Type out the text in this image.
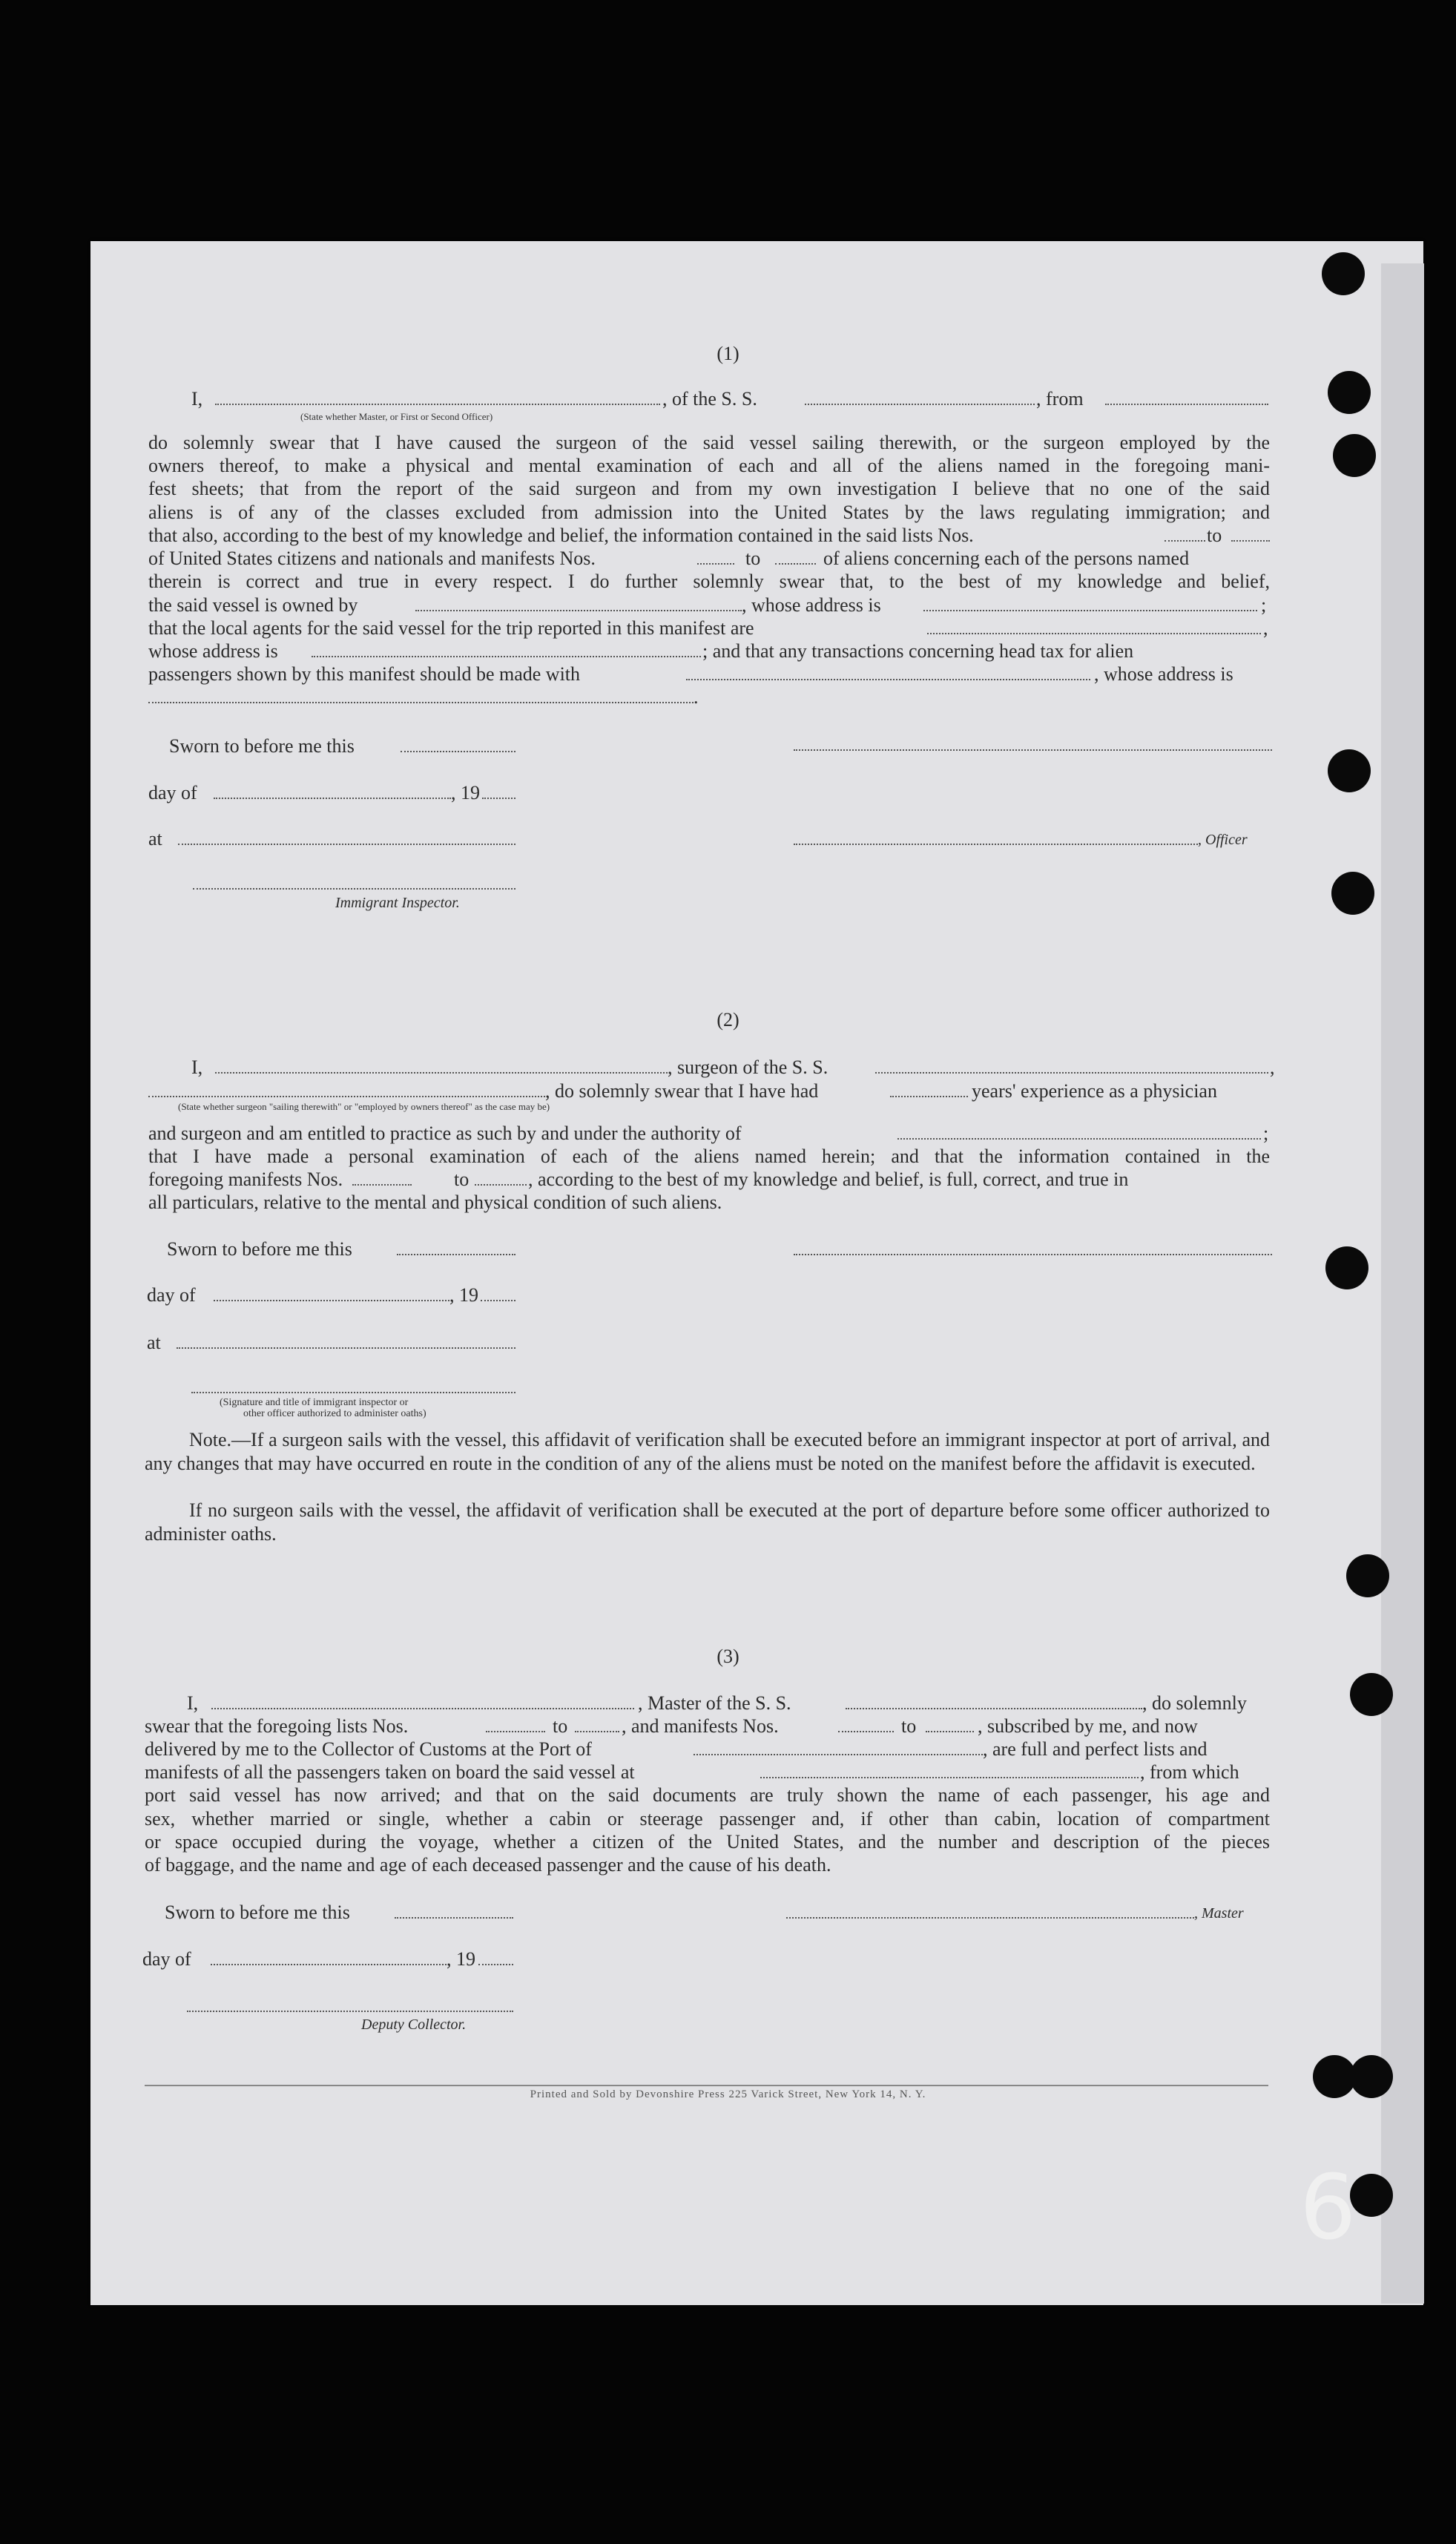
9
(1)
I,	, of the S. S.	, from
(State whether Master, or First or Second Officer)
do solemnly swear that I have caused the surgeon of the said vessel sailing therewith, or the surgeon employed by the
owners thereof, to make a physical and mental examination of each and all of the aliens named in the foregoing mani-
fest sheets; that from the report of the said surgeon and from my own investigation I believe that no one of the said
aliens is of any of the classes excluded from admission into the United States by the laws regulating immigration; and
that also, according to the best of my knowledge and belief, the information contained in the said lists Nos.	to
of United States citizens and nationals and manifests Nos.	to	of aliens concerning each of the persons named
therein is correct and true in every respect. I do further solemnly swear that, to the best of my knowledge and belief,
the said vessel is owned by	, whose address is	;
that the local agents for the said vessel for the trip reported in this manifest are	,
whose address is	; and that any transactions concerning head tax for alien
passengers shown by this manifest should be made with	, whose address is
.
Sworn to before me this
day of	, 19
at	, Officer
Immigrant Inspector.
(2)
I,	, surgeon of the S. S.	,
, do solemnly swear that I have had	years' experience as a physician
(State whether surgeon "sailing therewith" or "employed by owners thereof" as the case may be)
and surgeon and am entitled to practice as such by and under the authority of	;
that I have made a personal examination of each of the aliens named herein; and that the information contained in the
foregoing manifests Nos.	to	, according to the best of my knowledge and belief, is full, correct, and true in
all particulars, relative to the mental and physical condition of such aliens.
Sworn to before me this
day of	, 19
at
(Signature and title of immigrant inspector or
other officer authorized to administer oaths)
Note.—If a surgeon sails with the vessel, this affidavit of verification shall be executed before an immigrant inspector at port of arrival, and any changes that may have occurred en route in the condition of any of the aliens must be noted on the manifest before the affidavit is executed.
If no surgeon sails with the vessel, the affidavit of verification shall be executed at the port of departure before some officer authorized to administer oaths.
(3)
I,	, Master of the S. S.	, do solemnly
swear that the foregoing lists Nos.	to	, and manifests Nos.	to	, subscribed by me, and now
delivered by me to the Collector of Customs at the Port of	, are full and perfect lists and
manifests of all the passengers taken on board the said vessel at	, from which
port said vessel has now arrived; and that on the said documents are truly shown the name of each passenger, his age and
sex, whether married or single, whether a cabin or steerage passenger and, if other than cabin, location of compartment
or space occupied during the voyage, whether a citizen of the United States, and the number and description of the pieces
of baggage, and the name and age of each deceased passenger and the cause of his death.
Sworn to before me this	, Master
day of	, 19
Deputy Collector.
Printed and Sold by Devonshire Press 225 Varick Street, New York 14, N. Y.
